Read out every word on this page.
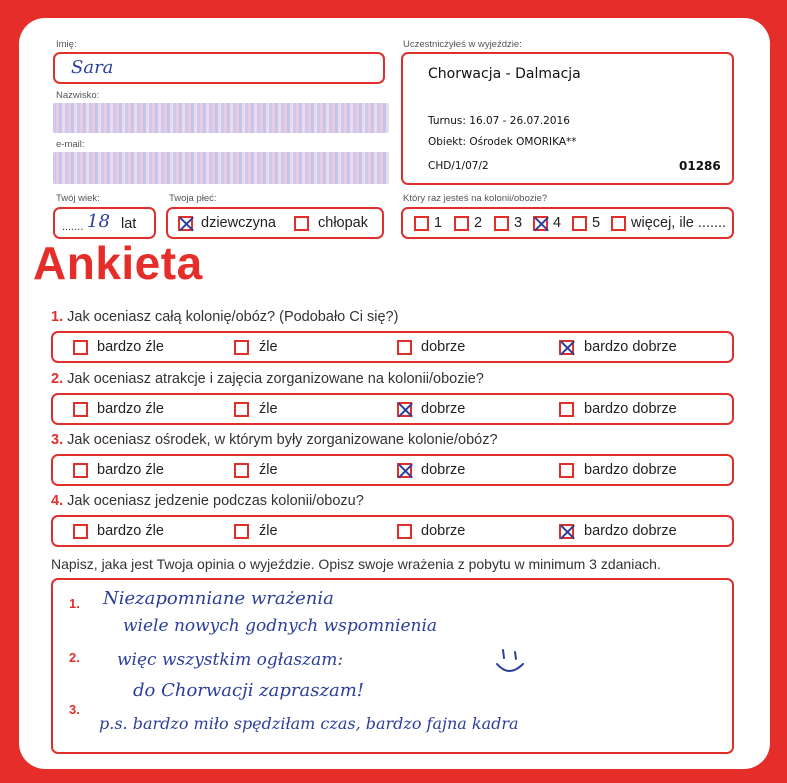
Imię:
Sara
Nazwisko:
e-mail:
Twój wiek:
....... 18 lat
Twoja płeć:
dziewczyna	chłopak
Uczestniczyłeś w wyjeździe:
Chorwacja - Dalmacja
Turnus: 16.07 - 26.07.2016
Obiekt: Ośrodek OMORIKA**
CHD/1/07/2	01286
Który raz jesteś na kolonii/obozie?
1 2 3 4 5 więcej, ile .......
Ankieta
1. Jak oceniasz całą kolonię/obóz? (Podobało Ci się?)
bardzo źle	źle	dobrze	bardzo dobrze
2. Jak oceniasz atrakcje i zajęcia zorganizowane na kolonii/obozie?
bardzo źle	źle	dobrze	bardzo dobrze
3. Jak oceniasz ośrodek, w którym były zorganizowane kolonie/obóz?
bardzo źle	źle	dobrze	bardzo dobrze
4. Jak oceniasz jedzenie podczas kolonii/obozu?
bardzo źle	źle	dobrze	bardzo dobrze
Napisz, jaka jest Twoja opinia o wyjeździe. Opisz swoje wrażenia z pobytu w minimum 3 zdaniach.
1.
2.
3.
Niezapomniane wrażenia
wiele nowych godnych wspomnienia
więc wszystkim ogłaszam:
do Chorwacji zapraszam!
p.s. bardzo miło spędziłam czas, bardzo fajna kadra
